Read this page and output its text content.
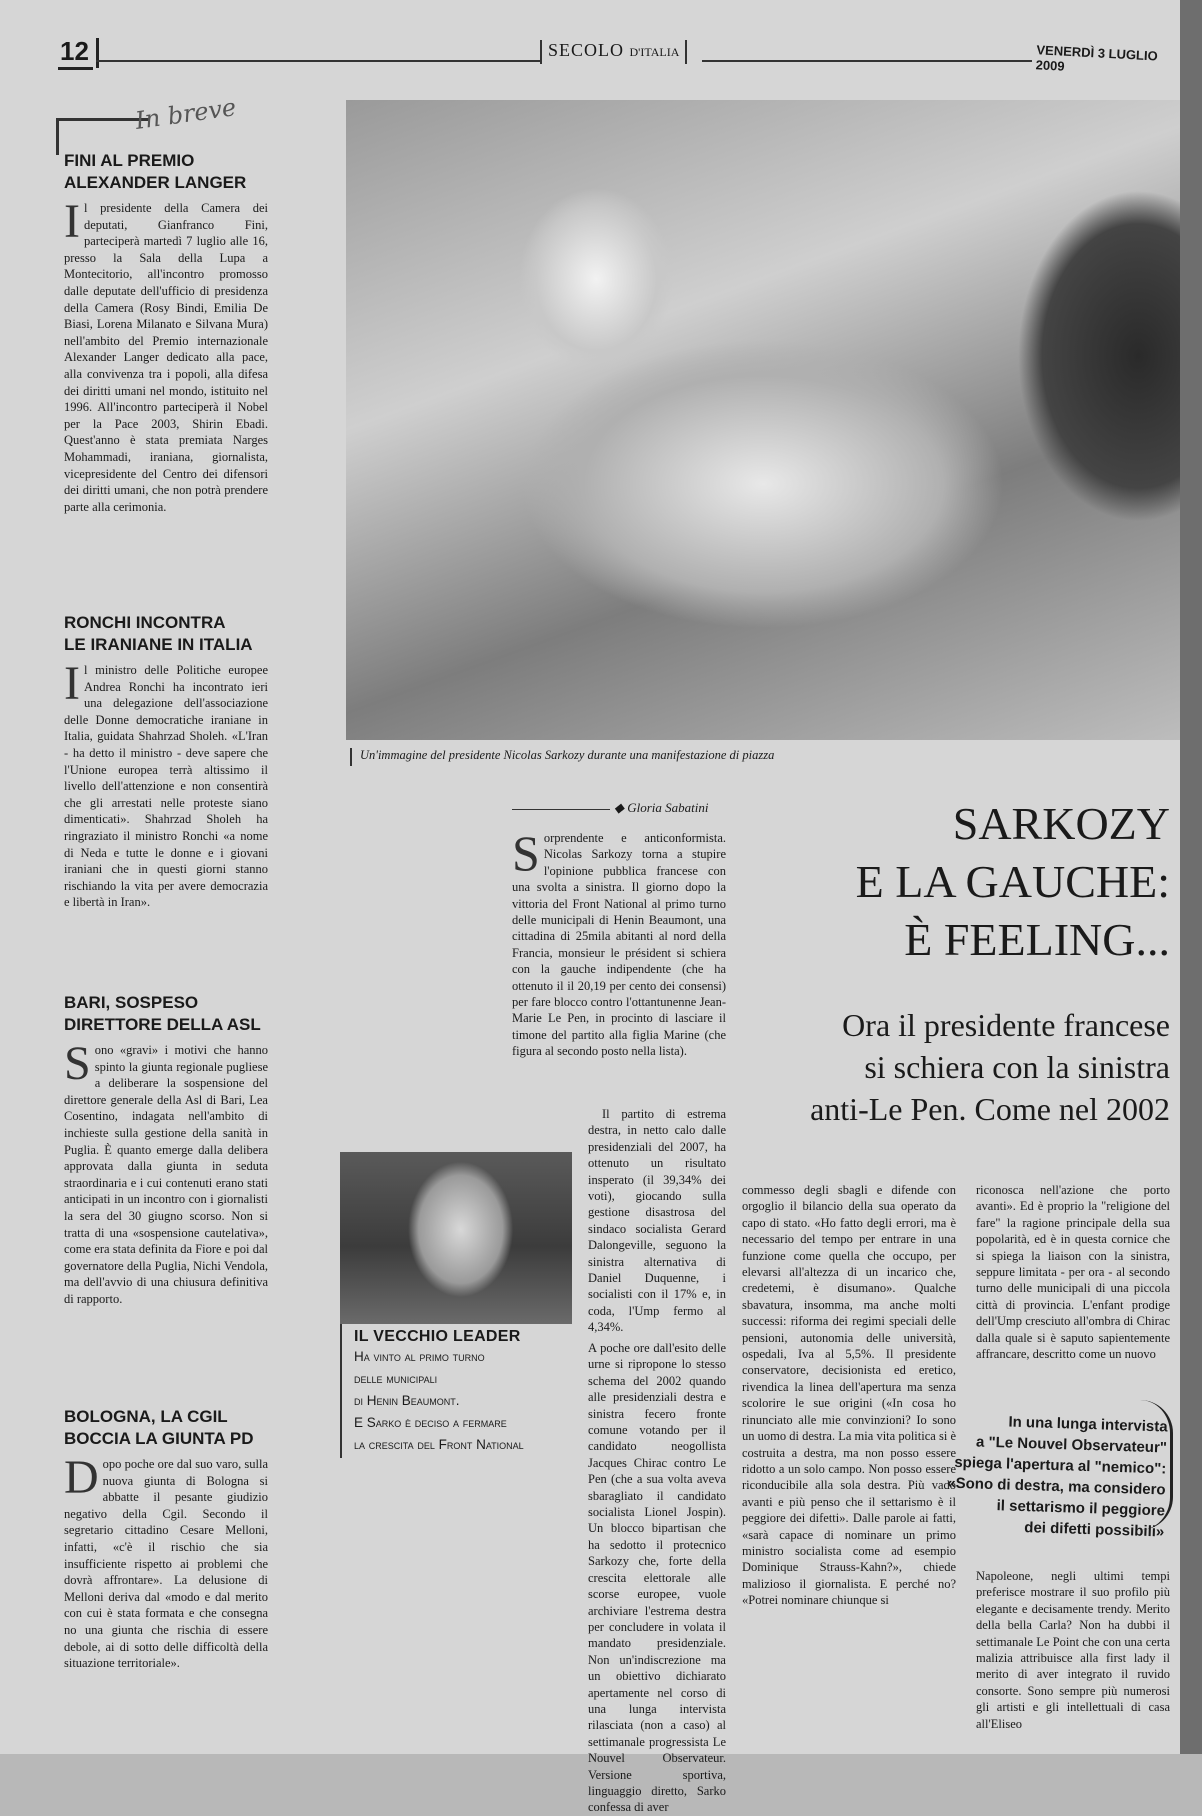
12	SECOLO D'ITALIA	VENERDÌ 3 LUGLIO 2009
In breve
FINI AL PREMIO
ALEXANDER LANGER

Il presidente della Camera dei deputati, Gianfranco Fini, parteciperà martedì 7 luglio alle 16, presso la Sala della Lupa a Montecitorio, all'incontro promosso dalle deputate dell'ufficio di presidenza della Camera (Rosy Bindi, Emilia De Biasi, Lorena Milanato e Silvana Mura) nell'ambito del Premio internazionale Alexander Langer dedicato alla pace, alla convivenza tra i popoli, alla difesa dei diritti umani nel mondo, istituito nel 1996. All'incontro parteciperà il Nobel per la Pace 2003, Shirin Ebadi. Quest'anno è stata premiata Narges Mohammadi, iraniana, giornalista, vicepresidente del Centro dei difensori dei diritti umani, che non potrà prendere parte alla cerimonia.

RONCHI INCONTRA
LE IRANIANE IN ITALIA

Il ministro delle Politiche europee Andrea Ronchi ha incontrato ieri una delegazione dell'associazione delle Donne democratiche iraniane in Italia, guidata Shahrzad Sholeh. «L'Iran - ha detto il ministro - deve sapere che l'Unione europea terrà altissimo il livello dell'attenzione e non consentirà che gli arrestati nelle proteste siano dimenticati». Shahrzad Sholeh ha ringraziato il ministro Ronchi «a nome di Neda e tutte le donne e i giovani iraniani che in questi giorni stanno rischiando la vita per avere democrazia e libertà in Iran».

BARI, SOSPESO
DIRETTORE DELLA ASL

Sono «gravi» i motivi che hanno spinto la giunta regionale pugliese a deliberare la sospensione del direttore generale della Asl di Bari, Lea Cosentino, indagata nell'ambito di inchieste sulla gestione della sanità in Puglia. È quanto emerge dalla delibera approvata dalla giunta in seduta straordinaria e i cui contenuti erano stati anticipati in un incontro con i giornalisti la sera del 30 giugno scorso. Non si tratta di una «sospensione cautelativa», come era stata definita da Fiore e poi dal governatore della Puglia, Nichi Vendola, ma dell'avvio di una chiusura definitiva di rapporto.

BOLOGNA, LA CGIL
BOCCIA LA GIUNTA PD

Dopo poche ore dal suo varo, sulla nuova giunta di Bologna si abbatte il pesante giudizio negativo della Cgil. Secondo il segretario cittadino Cesare Melloni, infatti, «c'è il rischio che sia insufficiente rispetto ai problemi che dovrà affrontare». La delusione di Melloni deriva dal «modo e dal merito con cui è stata formata e che consegna no una giunta che rischia di essere debole, ai di sotto delle difficoltà della situazione territoriale».

Un'immagine del presidente Nicolas Sarkozy durante una manifestazione di piazza
◆ Gloria Sabatini	SARKOZY
E LA GAUCHE:
È FEELING...
Ora il presidente francese
si schiera con la sinistra
anti-Le Pen. Come nel 2002

Sorprendente e anticonformista. Nicolas Sarkozy torna a stupire l'opinione pubblica francese con una svolta a sinistra. Il giorno dopo la vittoria del Front National al primo turno delle municipali di Henin Beaumont, una cittadina di 25mila abitanti al nord della Francia, monsieur le président si schiera con la gauche indipendente (che ha ottenuto il il 20,19 per cento dei consensi) per fare blocco contro l'ottantunenne Jean-Marie Le Pen, in procinto di lasciare il timone del partito alla figlia Marine (che figura al secondo posto nella lista).

Il partito di estrema destra, in netto calo dalle presidenziali del 2007, ha ottenuto un risultato insperato (il 39,34% dei voti), giocando sulla gestione disastrosa del sindaco socialista Gerard Dalongeville, seguono la sinistra alternativa di Daniel Duquenne, i socialisti con il 17% e, in coda, l'Ump fermo al 4,34%.

A poche ore dall'esito delle urne si ripropone lo stesso schema del 2002 quando alle presidenziali destra e sinistra fecero fronte comune votando per il candidato neogollista Jacques Chirac contro Le Pen (che a sua volta aveva sbaragliato il candidato socialista Lionel Jospin). Un blocco bipartisan che ha sedotto il protecnico Sarkozy che, forte della crescita elettorale alle scorse europee, vuole archiviare l'estrema destra per concludere in volata il mandato presidenziale. Non un'indiscrezione ma un obiettivo dichiarato apertamente nel corso di una lunga intervista rilasciata (non a caso) al settimanale progressista Le Nouvel Observateur. Versione sportiva, linguaggio diretto, Sarko confessa di aver

IL VECCHIO LEADER
Ha vinto al primo turno
delle municipali
di Henin Beaumont.
E Sarko è deciso a fermare
la crescita del Front National

commesso degli sbagli e difende con orgoglio il bilancio della sua operato da capo di stato. «Ho fatto degli errori, ma è necessario del tempo per entrare in una funzione come quella che occupo, per elevarsi all'altezza di un incarico che, credetemi, è disumano». Qualche sbavatura, insomma, ma anche molti successi: riforma dei regimi speciali delle pensioni, autonomia delle università, ospedali, Iva al 5,5%. Il presidente conservatore, decisionista ed eretico, rivendica la linea dell'apertura ma senza scolorire le sue origini («In cosa ho rinunciato alle mie convinzioni? Io sono un uomo di destra. La mia vita politica si è costruita a destra, ma non posso essere ridotto a un solo campo. Non posso essere riconducibile alla sola destra. Più vado avanti e più penso che il settarismo è il peggiore dei difetti». Dalle parole ai fatti, «sarà capace di nominare un primo ministro socialista come ad esempio Dominique Strauss-Kahn?», chiede malizioso il giornalista. E perché no? «Potrei nominare chiunque si

riconosca nell'azione che porto avanti». Ed è proprio la "religione del fare" la ragione principale della sua popolarità, ed è in questa cornice che si spiega la liaison con la sinistra, seppure limitata - per ora - al secondo turno delle municipali di una piccola città di provincia. L'enfant prodige dell'Ump cresciuto all'ombra di Chirac dalla quale si è saputo sapientemente affrancare, descritto come un nuovo

In una lunga intervista
a "Le Nouvel Observateur"
spiega l'apertura al "nemico":
«Sono di destra, ma considero
il settarismo il peggiore
dei difetti possibili»

Napoleone, negli ultimi tempi preferisce mostrare il suo profilo più elegante e decisamente trendy. Merito della bella Carla? Non ha dubbi il settimanale Le Point che con una certa malizia attribuisce alla first lady il merito di aver integrato il ruvido consorte. Sono sempre più numerosi gli artisti e gli intellettuali di casa all'Eliseo
